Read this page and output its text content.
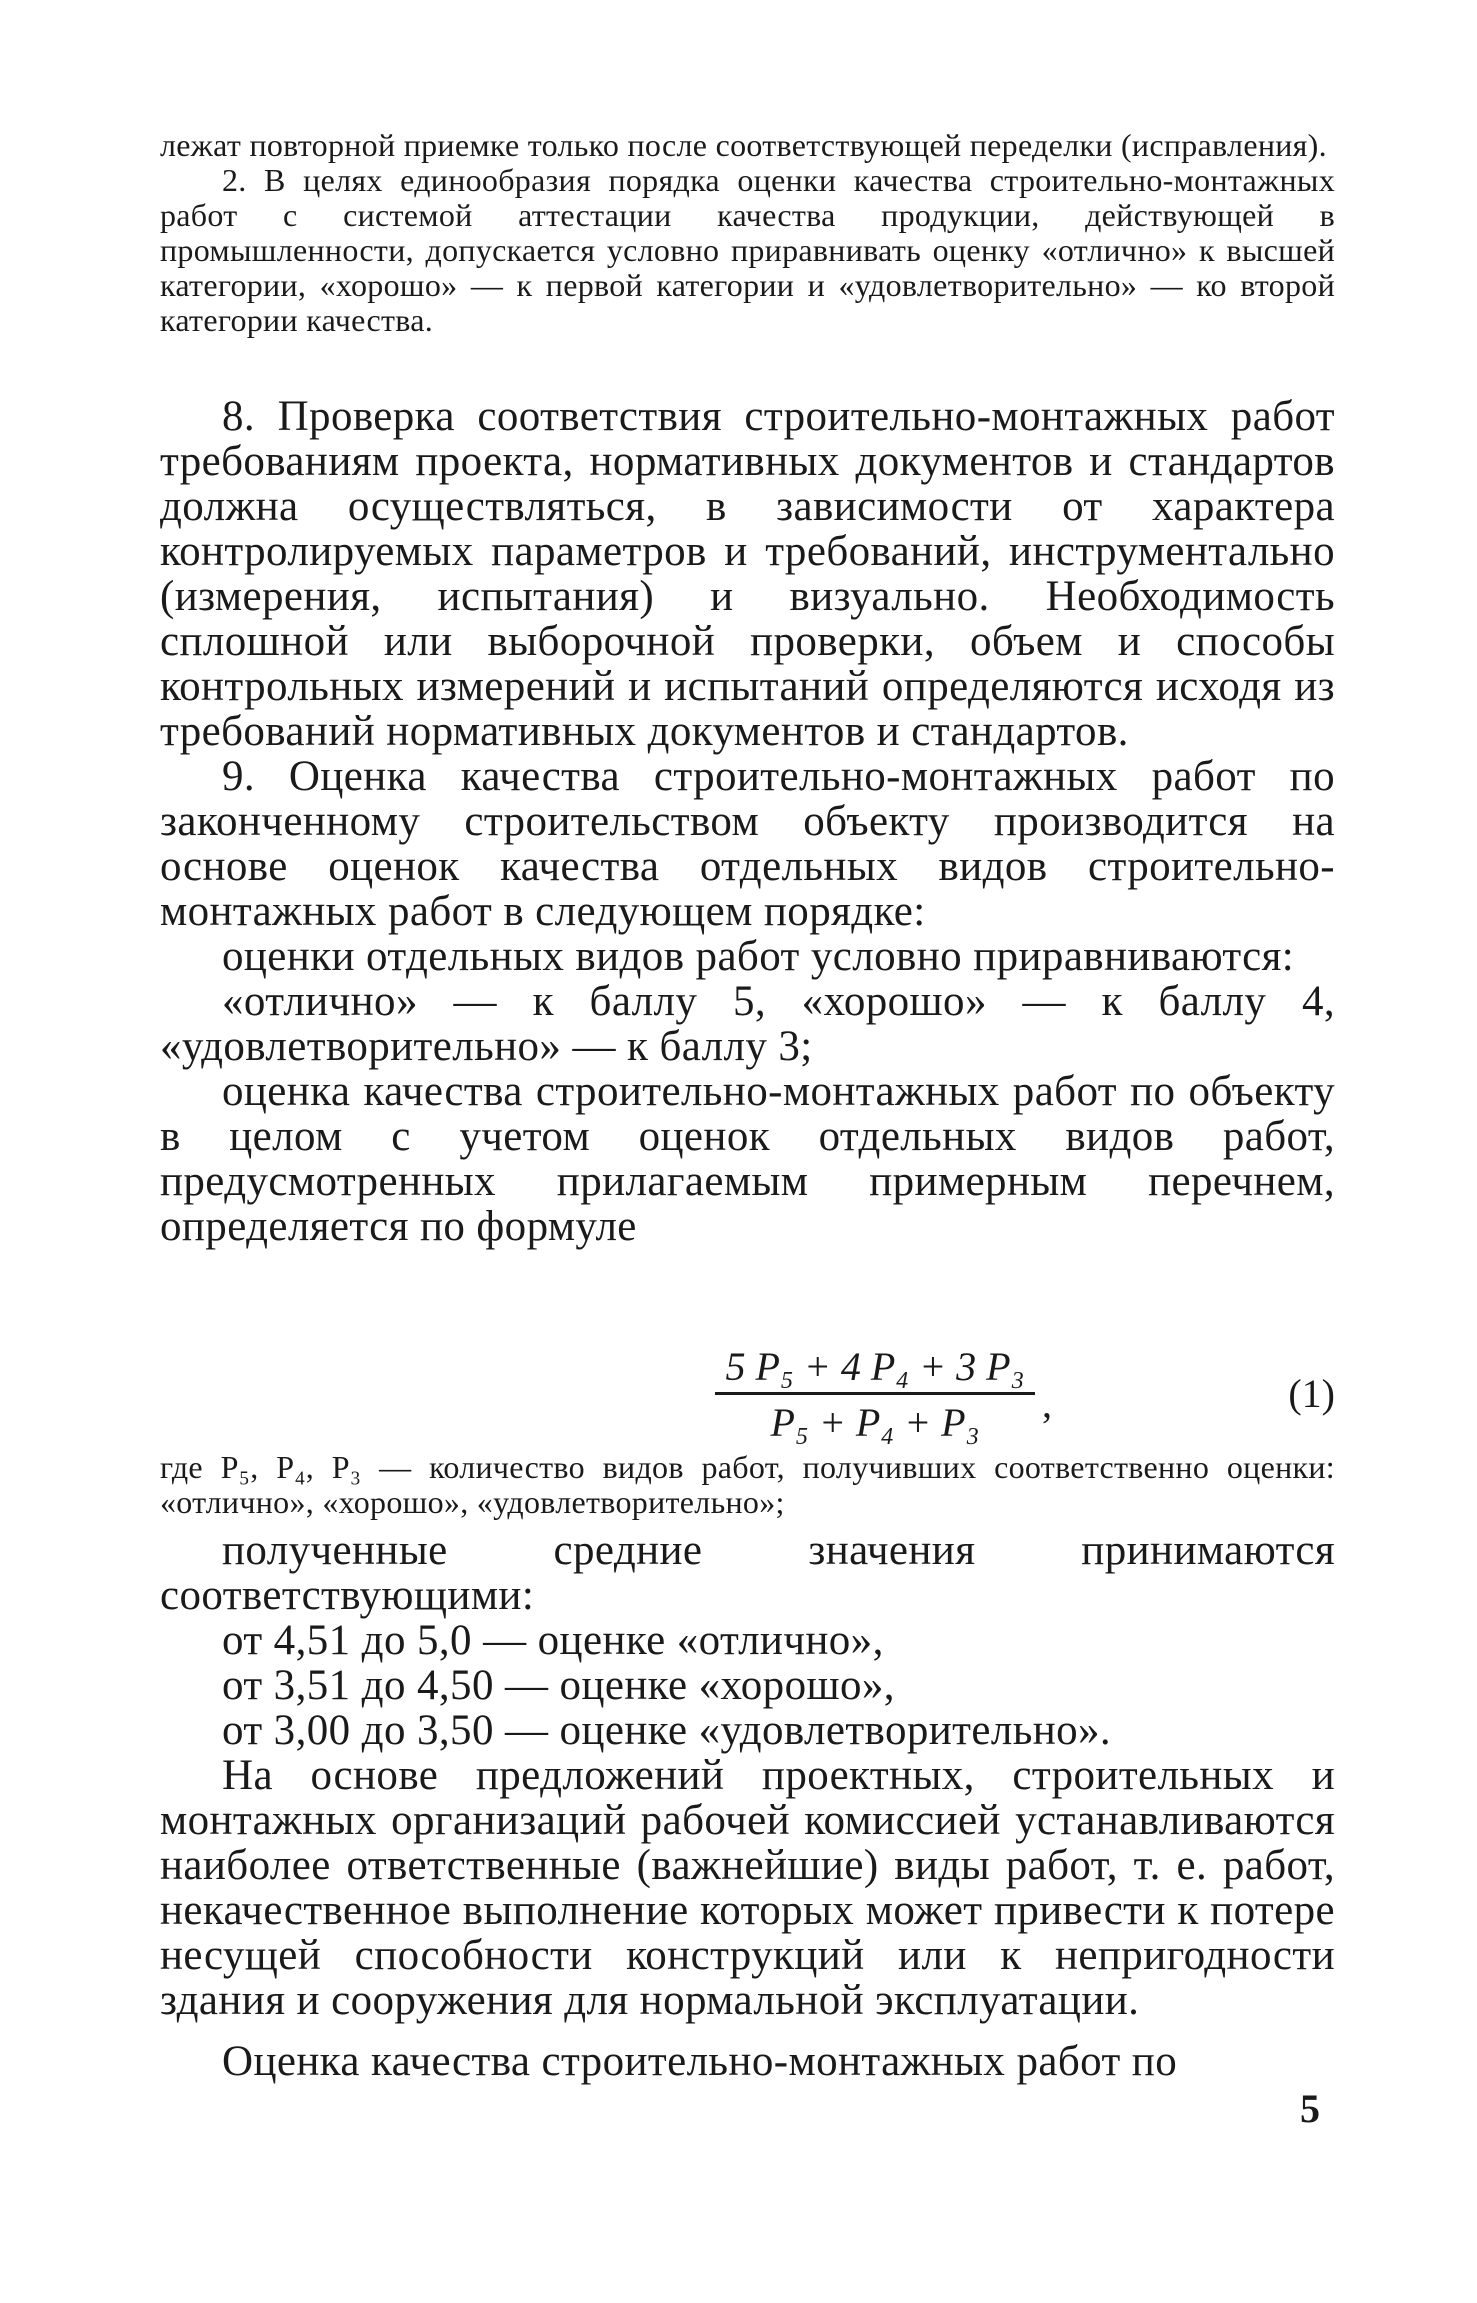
лежат повторной приемке только после соответствующей переделки (исправления).

2. В целях единообразия порядка оценки качества строительно-монтажных работ с системой аттестации качества продукции, действующей в промышленности, допускается условно приравнивать оценку «отлично» к высшей категории, «хорошо» — к первой категории и «удовлетворительно» — ко второй категории качества.

8. Проверка соответствия строительно-монтажных работ требованиям проекта, нормативных документов и стандартов должна осуществляться, в зависимости от характера контролируемых параметров и требований, инструментально (измерения, испытания) и визуально. Необходимость сплошной или выборочной проверки, объем и способы контрольных измерений и испытаний определяются исходя из требований нормативных документов и стандартов.

9. Оценка качества строительно-монтажных работ по законченному строительством объекту производится на основе оценок качества отдельных видов строительно-монтажных работ в следующем порядке:

оценки отдельных видов работ условно приравниваются:

«отлично» — к баллу 5, «хорошо» — к баллу 4, «удовлетворительно» — к баллу 3;

оценка качества строительно-монтажных работ по объекту в целом с учетом оценок отдельных видов работ, предусмотренных прилагаемым примерным перечнем, определяется по формуле

$\frac{\text{5 P₅ + 4 P₄ + 3 P₃}}{\text{P₅ + P₄ + P₃}}$ ,	(1)

где P₅, P₄, P₃ — количество видов работ, получивших соответственно оценки: «отлично», «хорошо», «удовлетворительно»;

полученные средние значения принимаются соответствующими:

от 4,51 до 5,0 — оценке «отлично»,

от 3,51 до 4,50 — оценке «хорошо»,

от 3,00 до 3,50 — оценке «удовлетворительно».

На основе предложений проектных, строительных и монтажных организаций рабочей комиссией устанавливаются наиболее ответственные (важнейшие) виды работ, т. е. работ, некачественное выполнение которых может привести к потере несущей способности конструкций или к непригодности здания и сооружения для нормальной эксплуатации.

Оценка качества строительно-монтажных работ по

5
